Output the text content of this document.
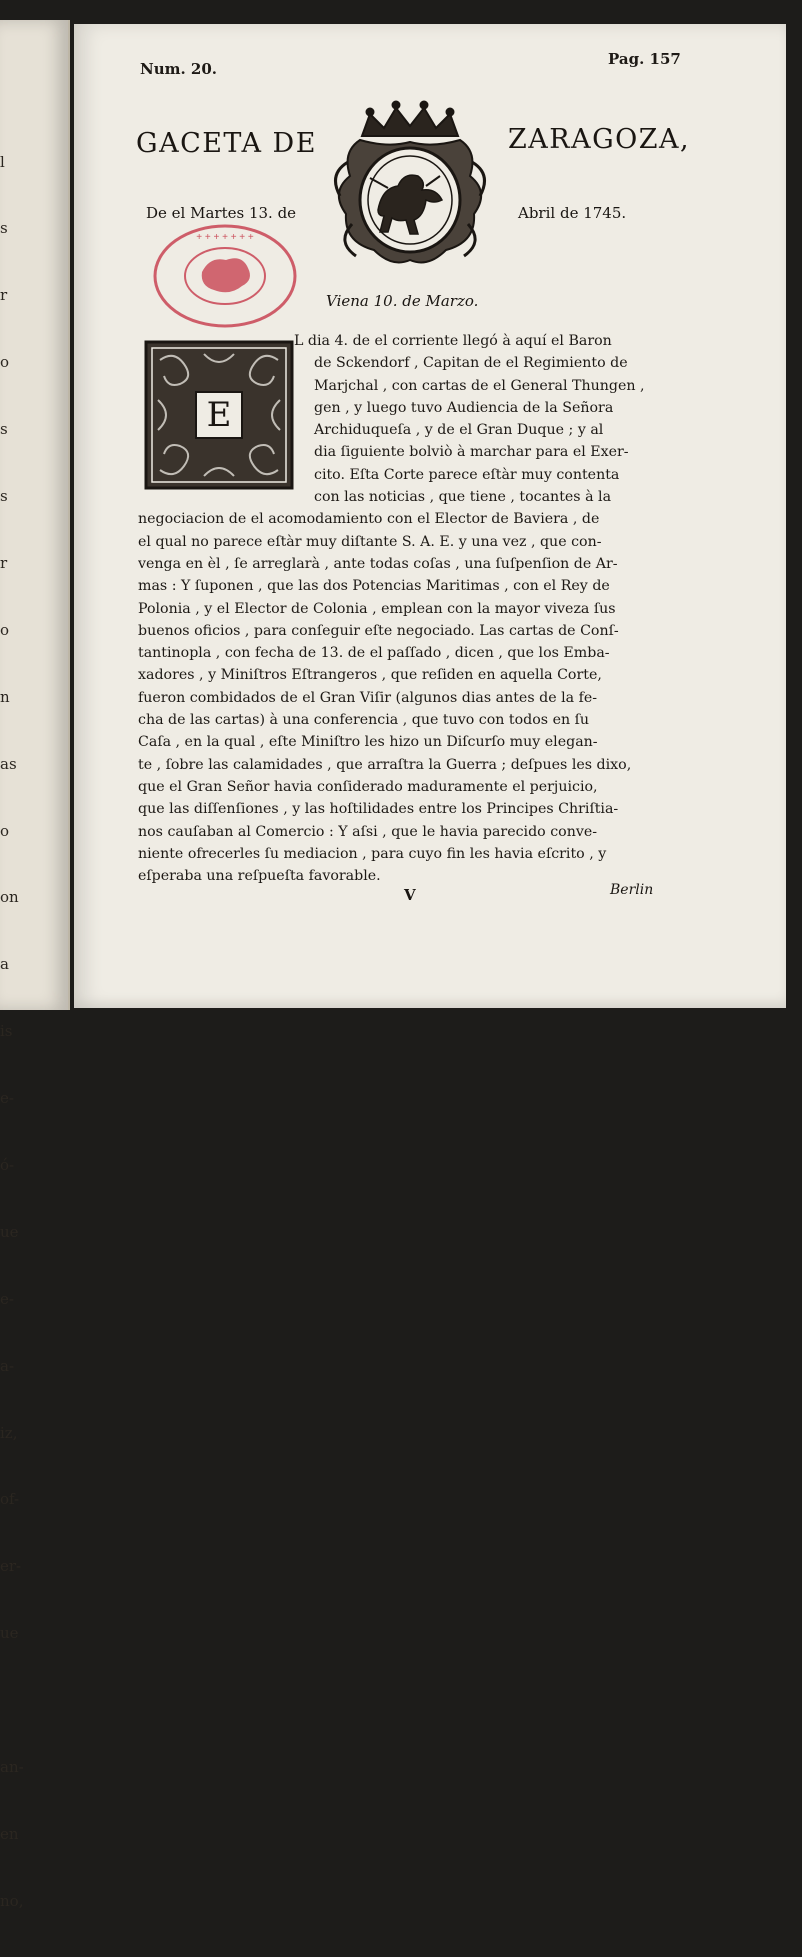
l

s

r

o

s

s

r

o

n

as

o

on

a

is

e-

ó-

ue

e-

a-

iz,

of-

er-

ue

an-

en

no,

Num. 20.
Pag. 157
GACETA DE	ZARAGOZA,
De el Martes 13. de	Abril de 1745.
+ + + + + + +
Viena 10. de Marzo.
E
L dia 4. de el corriente llegó à aquí el Baron
de Sckendorf , Capitan de el Regimiento de
Marjchal , con cartas de el General Thungen ,
gen , y luego tuvo Audiencia de la Señora
Archiduqueſa , y de el Gran Duque ; y al
dia ſiguiente bolviò à marchar para el Exer-
cito. Eſta Corte parece eſtàr muy contenta
con las noticias , que tiene , tocantes à la
negociacion de el acomodamiento con el Elector de Baviera , de
el qual no parece eſtàr muy diſtante S. A. E. y una vez , que con-
venga en èl , ſe arreglarà , ante todas coſas , una ſuſpenſion de Ar-
mas : Y ſuponen , que las dos Potencias Maritimas , con el Rey de
Polonia , y el Elector de Colonia , emplean con la mayor viveza ſus
buenos oficios , para conſeguir eſte negociado. Las cartas de Conſ-
tantinopla , con fecha de 13. de el paſſado , dicen , que los Emba-
xadores , y Miniſtros Eſtrangeros , que reſiden en aquella Corte,
fueron combidados de el Gran Viſir (algunos dias antes de la fe-
cha de las cartas) à una conferencia , que tuvo con todos en ſu
Caſa , en la qual , eſte Miniſtro les hizo un Diſcurſo muy elegan-
te , ſobre las calamidades , que arraſtra la Guerra ; deſpues les dixo,
que el Gran Señor havia conſiderado maduramente el perjuicio,
que las diſſenſiones , y las hoſtilidades entre los Principes Chriſtia-
nos cauſaban al Comercio : Y aſsi , que le havia parecido conve-
niente ofrecerles ſu mediacion , para cuyo fin les havia eſcrito , y
eſperaba una reſpueſta favorable.
V	Berlin
